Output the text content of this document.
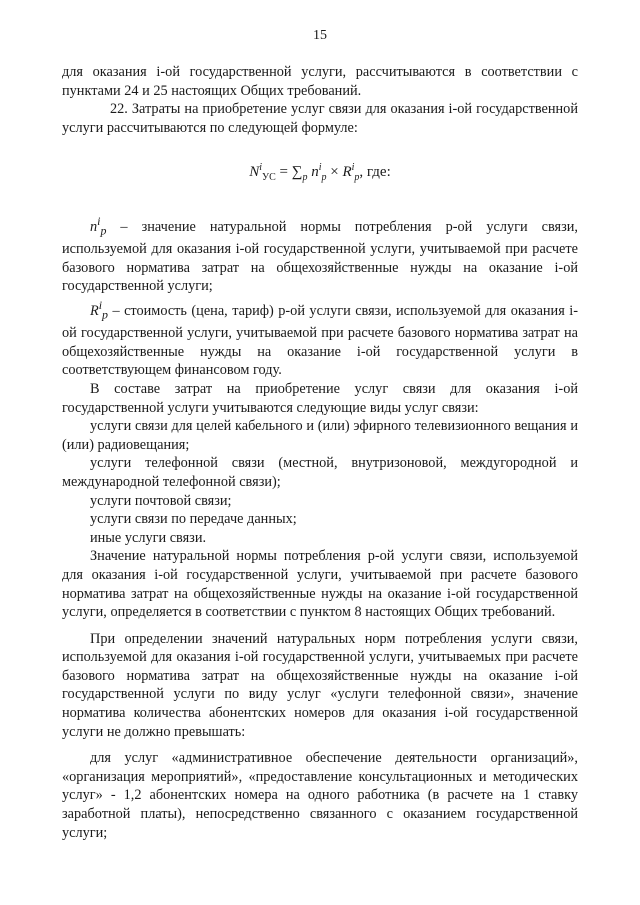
15

для оказания i-ой государственной услуги, рассчитываются в соответствии с пунктами 24 и 25 настоящих Общих требований.

22. Затраты на приобретение услуг связи для оказания i-ой государственной услуги рассчитываются по следующей формуле:

$N^i_{УС} = \sum_p$ $n^i_p \times R^i_p$, где:

$n^i_p$ – значение натуральной нормы потребления p-ой услуги связи, используемой для оказания i-ой государственной услуги, учитываемой при расчете базового норматива затрат на общехозяйственные нужды на оказание i-ой государственной услуги;

$R^i_p$ – стоимость (цена, тариф) p-ой услуги связи, используемой для оказания i-ой государственной услуги, учитываемой при расчете базового норматива затрат на общехозяйственные нужды на оказание i-ой государственной услуги в соответствующем финансовом году.

В составе затрат на приобретение услуг связи для оказания i-ой государственной услуги учитываются следующие виды услуг связи:

услуги связи для целей кабельного и (или) эфирного телевизионного вещания и (или) радиовещания;

услуги телефонной связи (местной, внутризоновой, междугородной и международной телефонной связи);

услуги почтовой связи;

услуги связи по передаче данных;

иные услуги связи.

Значение натуральной нормы потребления p-ой услуги связи, используемой для оказания i-ой государственной услуги, учитываемой при расчете базового норматива затрат на общехозяйственные нужды на оказание i-ой государственной услуги, определяется в соответствии с пунктом 8 настоящих Общих требований.

При определении значений натуральных норм потребления услуги связи, используемой для оказания i-ой государственной услуги, учитываемых при расчете базового норматива затрат на общехозяйственные нужды на оказание i-ой государственной услуги по виду услуг «услуги телефонной связи», значение норматива количества абонентских номеров для оказания i-ой государственной услуги не должно превышать:

для услуг «административное обеспечение деятельности организаций», «организация мероприятий», «предоставление консультационных и методических услуг» - 1,2 абонентских номера на одного работника (в расчете на 1 ставку заработной платы), непосредственно связанного с оказанием государственной услуги;
